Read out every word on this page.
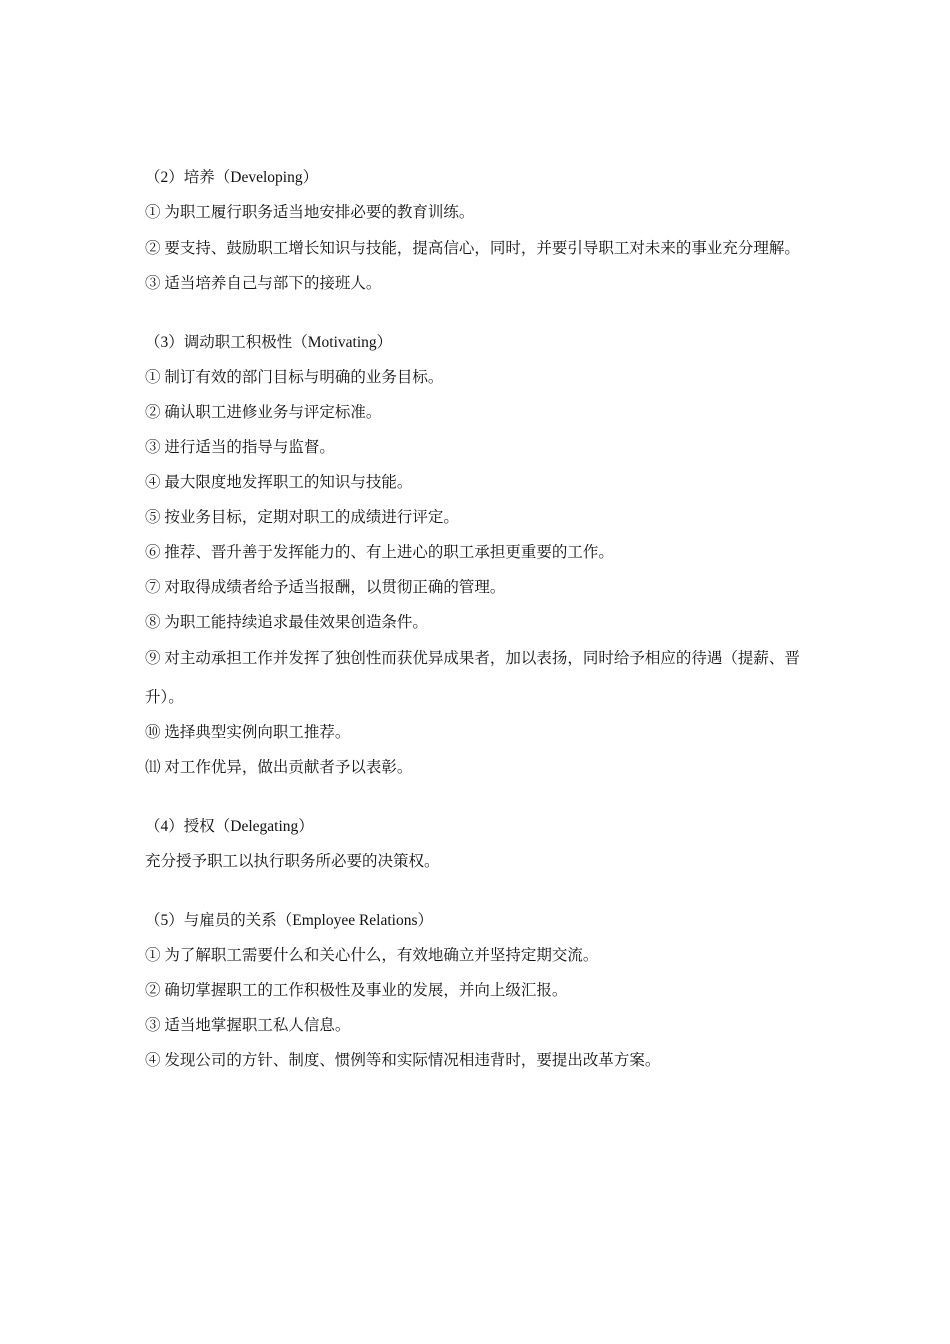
（2）培养（Developing）
① 为职工履行职务适当地安排必要的教育训练。
② 要支持、鼓励职工增长知识与技能，提高信心，同时，并要引导职工对未来的事业充分理解。
③ 适当培养自己与部下的接班人。
（3）调动职工积极性（Motivating）
① 制订有效的部门目标与明确的业务目标。
② 确认职工进修业务与评定标准。
③ 进行适当的指导与监督。
④ 最大限度地发挥职工的知识与技能。
⑤ 按业务目标，定期对职工的成绩进行评定。
⑥ 推荐、晋升善于发挥能力的、有上进心的职工承担更重要的工作。
⑦ 对取得成绩者给予适当报酬，以贯彻正确的管理。
⑧ 为职工能持续追求最佳效果创造条件。
⑨ 对主动承担工作并发挥了独创性而获优异成果者，加以表扬，同时给予相应的待遇（提薪、晋升）。
⑩ 选择典型实例向职工推荐。
⑾ 对工作优异，做出贡献者予以表彰。
（4）授权（Delegating）
充分授予职工以执行职务所必要的决策权。
（5）与雇员的关系（Employee Relations）
① 为了解职工需要什么和关心什么，有效地确立并坚持定期交流。
② 确切掌握职工的工作积极性及事业的发展，并向上级汇报。
③ 适当地掌握职工私人信息。
④ 发现公司的方针、制度、惯例等和实际情况相违背时，要提出改革方案。
